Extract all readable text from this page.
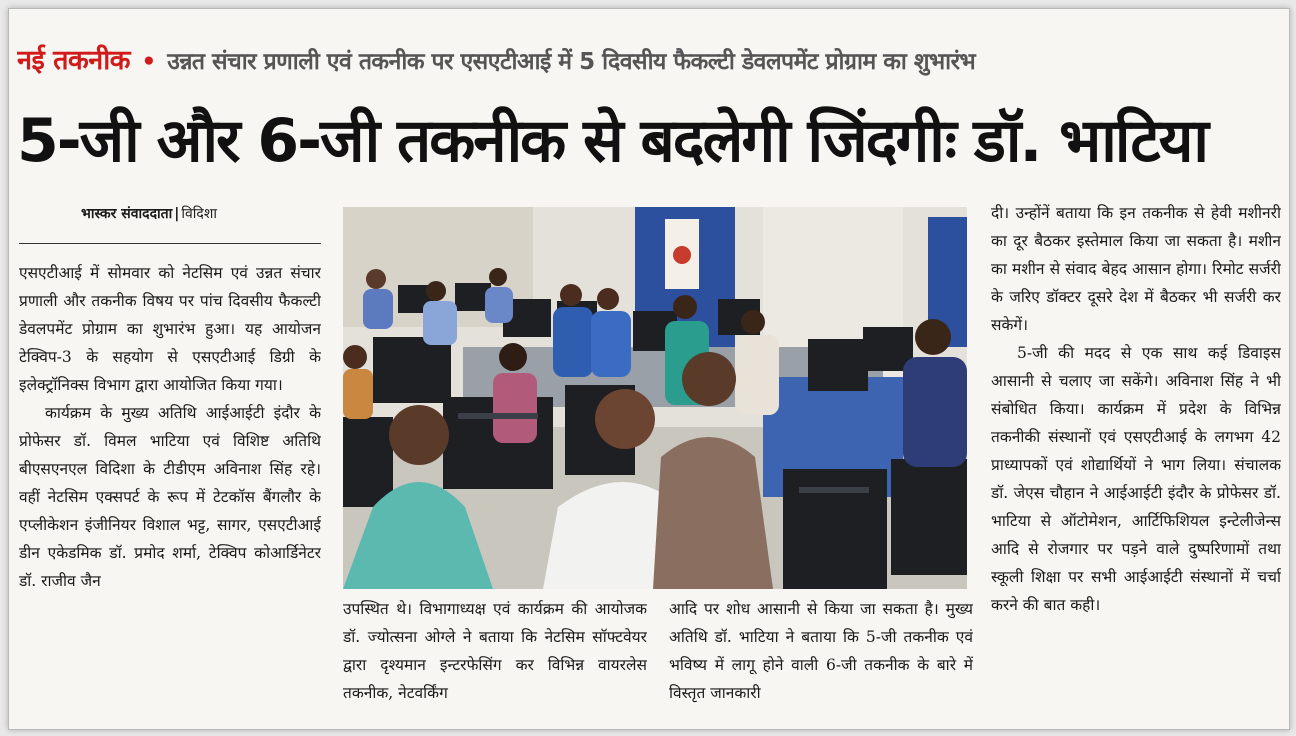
नई तकनीक • उन्नत संचार प्रणाली एवं तकनीक पर एसएटीआई में 5 दिवसीय फैकल्टी डेवलपमेंट प्रोग्राम का शुभारंभ
5-जी और 6-जी तकनीक से बदलेगी जिंदगीः डॉ. भाटिया
भास्कर संवाददाता | विदिशा

एसएटीआई में सोमवार को नेटसिम एवं उन्नत संचार प्रणाली और तकनीक विषय पर पांच दिवसीय फैकल्टी डेवलपमेंट प्रोग्राम का शुभारंभ हुआ। यह आयोजन टेक्विप-3 के सहयोग से एसएटीआई डिग्री के इलेक्ट्रॉनिक्स विभाग द्वारा आयोजित किया गया।

कार्यक्रम के मुख्य अतिथि आईआईटी इंदौर के प्रोफेसर डॉ. विमल भाटिया एवं विशिष्ट अतिथि बीएसएनएल विदिशा के टीडीएम अविनाश सिंह रहे। वहीं नेटसिम एक्सपर्ट के रूप में टेटकॉस बैंगलौर के एप्लीकेशन इंजीनियर विशाल भट्ट, सागर, एसएटीआई डीन एकेडमिक डॉ. प्रमोद शर्मा, टेक्विप कोआर्डिनेटर डॉ. राजीव जैन

उपस्थित थे। विभागाध्यक्ष एवं कार्यक्रम की आयोजक डॉ. ज्योत्सना ओग्ले ने बताया कि नेटसिम सॉफ्टवेयर द्वारा दृश्यमान इन्टरफेसिंग कर विभिन्न वायरलेस तकनीक, नेटवर्किंग

आदि पर शोध आसानी से किया जा सकता है। मुख्य अतिथि डॉ. भाटिया ने बताया कि 5-जी तकनीक एवं भविष्य में लागू होने वाली 6-जी तकनीक के बारे में विस्तृत जानकारी

दी। उन्होंनें बताया कि इन तकनीक से हेवी मशीनरी का दूर बैठकर इस्तेमाल किया जा सकता है। मशीन का मशीन से संवाद बेहद आसान होगा। रिमोट सर्जरी के जरिए डॉक्टर दूसरे देश में बैठकर भी सर्जरी कर सकेगें।

5-जी की मदद से एक साथ कई डिवाइस आसानी से चलाए जा सकेंगे। अविनाश सिंह ने भी संबोधित किया। कार्यक्रम में प्रदेश के विभिन्न तकनीकी संस्थानों एवं एसएटीआई के लगभग 42 प्राध्यापकों एवं शोद्यार्थियों ने भाग लिया। संचालक डॉ. जेएस चौहान ने आईआईटी इंदौर के प्रोफेसर डॉ. भाटिया से ऑटोमेशन, आर्टिफिशियल इन्टेलीजेन्स आदि से रोजगार पर पड़ने वाले दुष्परिणामों तथा स्कूली शिक्षा पर सभी आईआईटी संस्थानों में चर्चा करने की बात कही।
